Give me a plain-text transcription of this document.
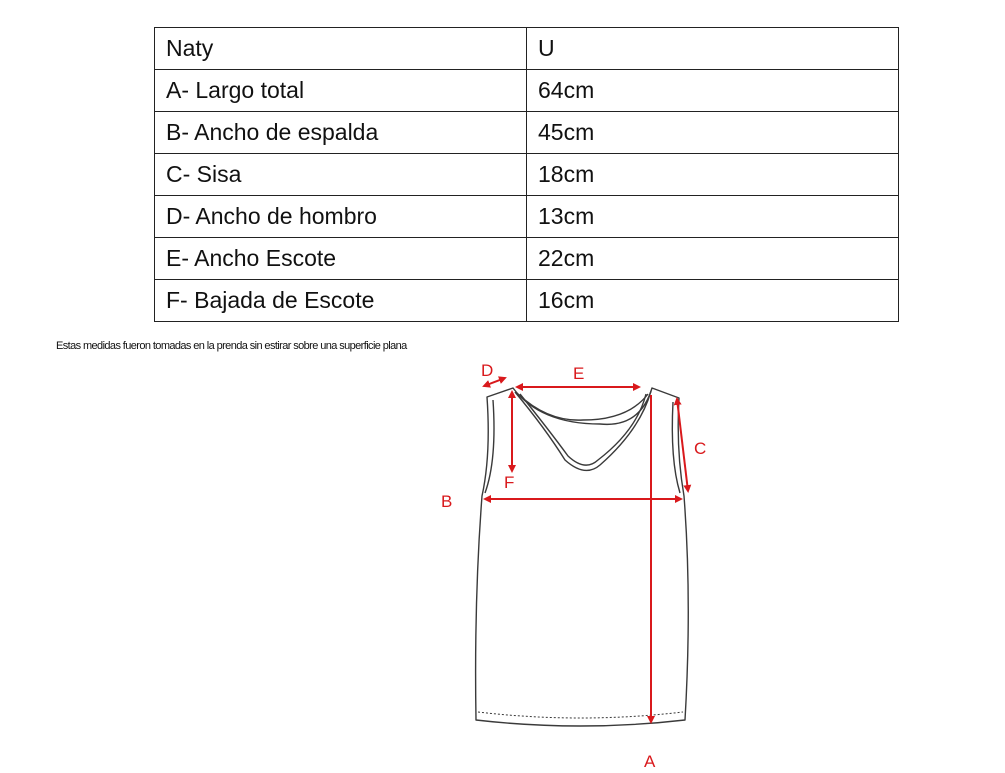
Naty	U
A- Largo total	64cm
B- Ancho de espalda	45cm
C- Sisa	18cm
D- Ancho de hombro	13cm
E- Ancho Escote	22cm
F- Bajada de Escote	16cm
Estas medidas fueron tomadas en la prenda sin estirar sobre una superficie plana
A
B
C
D	E
F
